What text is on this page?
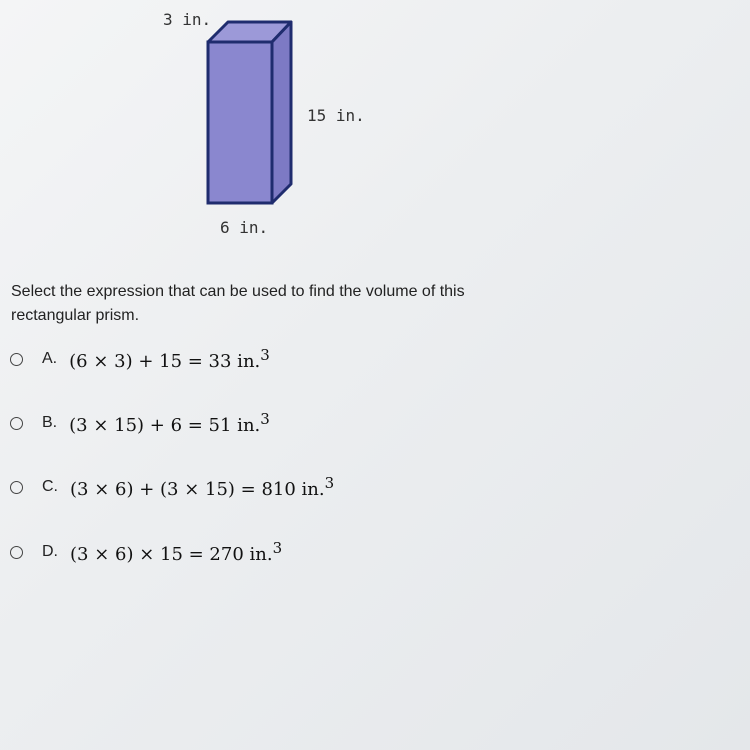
3 in.
15 in.
6 in.
Select the expression that can be used to find the volume of this rectangular prism.
A. (6 × 3) + 15 = 33 in.$^3$
B. (3 × 15) + 6 = 51 in.$^3$
C. (3 × 6) + (3 × 15) = 810 in.$^3$
D. (3 × 6) × 15 = 270 in.$^3$
